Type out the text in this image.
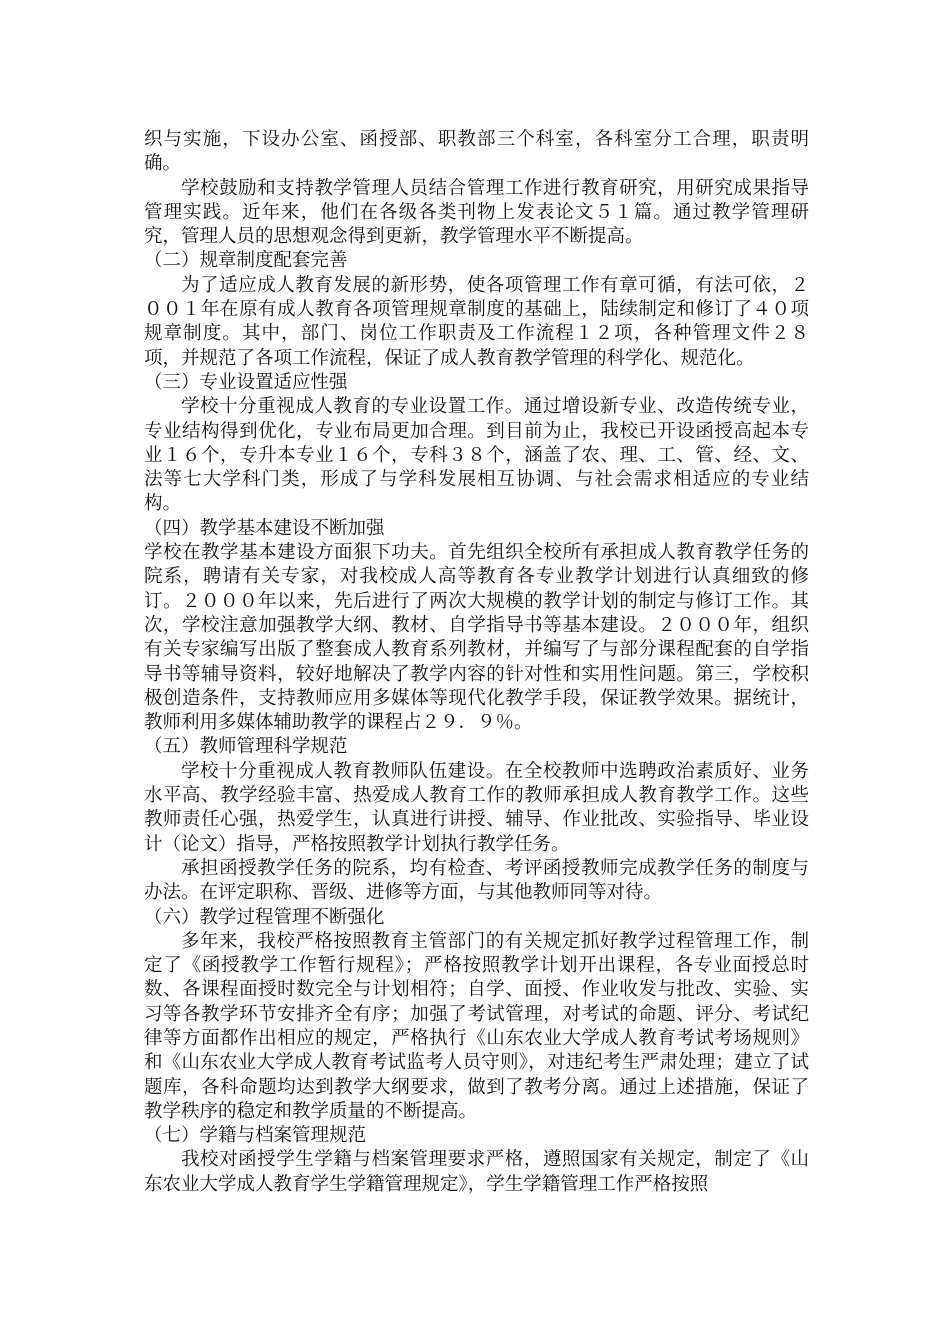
织与实施，下设办公室、函授部、职教部三个科室，各科室分工合理，职责明确。

学校鼓励和支持教学管理人员结合管理工作进行教育研究，用研究成果指导管理实践。近年来，他们在各级各类刊物上发表论文５１篇。通过教学管理研究，管理人员的思想观念得到更新，教学管理水平不断提高。

（二）规章制度配套完善

为了适应成人教育发展的新形势，使各项管理工作有章可循，有法可依，２００１年在原有成人教育各项管理规章制度的基础上，陆续制定和修订了４０项规章制度。其中，部门、岗位工作职责及工作流程１２项，各种管理文件２８项，并规范了各项工作流程，保证了成人教育教学管理的科学化、规范化。

（三）专业设置适应性强

学校十分重视成人教育的专业设置工作。通过增设新专业、改造传统专业，专业结构得到优化，专业布局更加合理。到目前为止，我校已开设函授高起本专业１６个，专升本专业１６个，专科３８个，涵盖了农、理、工、管、经、文、法等七大学科门类，形成了与学科发展相互协调、与社会需求相适应的专业结构。

（四）教学基本建设不断加强

学校在教学基本建设方面狠下功夫。首先组织全校所有承担成人教育教学任务的院系，聘请有关专家，对我校成人高等教育各专业教学计划进行认真细致的修订。２０００年以来，先后进行了两次大规模的教学计划的制定与修订工作。其次，学校注意加强教学大纲、教材、自学指导书等基本建设。２０００年，组织有关专家编写出版了整套成人教育系列教材，并编写了与部分课程配套的自学指导书等辅导资料，较好地解决了教学内容的针对性和实用性问题。第三，学校积极创造条件，支持教师应用多媒体等现代化教学手段，保证教学效果。据统计，教师利用多媒体辅助教学的课程占２９．９％。

（五）教师管理科学规范

学校十分重视成人教育教师队伍建设。在全校教师中选聘政治素质好、业务水平高、教学经验丰富、热爱成人教育工作的教师承担成人教育教学工作。这些教师责任心强，热爱学生，认真进行讲授、辅导、作业批改、实验指导、毕业设计（论文）指导，严格按照教学计划执行教学任务。

承担函授教学任务的院系，均有检查、考评函授教师完成教学任务的制度与办法。在评定职称、晋级、进修等方面，与其他教师同等对待。

（六）教学过程管理不断强化

多年来，我校严格按照教育主管部门的有关规定抓好教学过程管理工作，制定了《函授教学工作暂行规程》；严格按照教学计划开出课程，各专业面授总时数、各课程面授时数完全与计划相符；自学、面授、作业收发与批改、实验、实习等各教学环节安排齐全有序；加强了考试管理，对考试的命题、评分、考试纪律等方面都作出相应的规定，严格执行《山东农业大学成人教育考试考场规则》和《山东农业大学成人教育考试监考人员守则》，对违纪考生严肃处理；建立了试题库，各科命题均达到教学大纲要求，做到了教考分离。通过上述措施，保证了教学秩序的稳定和教学质量的不断提高。

（七）学籍与档案管理规范

我校对函授学生学籍与档案管理要求严格，遵照国家有关规定，制定了《山东农业大学成人教育学生学籍管理规定》，学生学籍管理工作严格按照
